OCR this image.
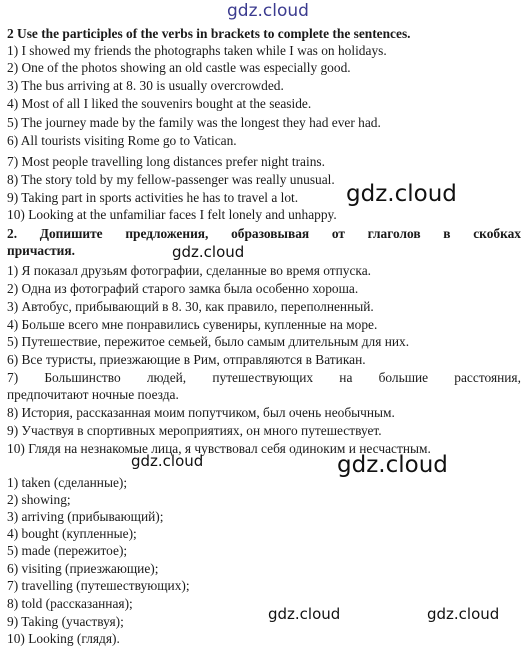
gdz.cloud
2 Use the participles of the verbs in brackets to complete the sentences.
1) I showed my friends the photographs taken while I was on holidays.
2) One of the photos showing an old castle was especially good.
3) The bus arriving at 8. 30 is usually overcrowded.
4) Most of all I liked the souvenirs bought at the seaside.
5) The journey made by the family was the longest they had ever had.
6) All tourists visiting Rome go to Vatican.
7) Most people travelling long distances prefer night trains.
8) The story told by my fellow-passenger was really unusual.
9) Taking part in sports activities he has to travel a lot.
10) Looking at the unfamiliar faces I felt lonely and unhappy.
gdz.cloud
2. Допишите предложения, образовывая от глаголов в скобках
причастия.	gdz.cloud
1) Я показал друзьям фотографии, сделанные во время отпуска.
2) Одна из фотографий старого замка была особенно хороша.
3) Автобус, прибывающий в 8. 30, как правило, переполненный.
4) Больше всего мне понравились сувениры, купленные на море.
5) Путешествие, пережитое семьей, было самым длительным для них.
6) Все туристы, приезжающие в Рим, отправляются в Ватикан.
7) Большинство людей, путешествующих на большие расстояния,
предпочитают ночные поезда.
8) История, рассказанная моим попутчиком, был очень необычным.
9) Участвуя в спортивных мероприятиях, он много путешествует.
10) Глядя на незнакомые лица, я чувствовал себя одиноким и несчастным.
gdz.cloud	gdz.cloud
1) taken (сделанные);
2) showing;
3) arriving (прибывающий);
4) bought (купленные);
5) made (пережитое);
6) visiting (приезжающие);
7) travelling (путешествующих);
8) told (рассказанная);
9) Taking (участвуя);
10) Looking (глядя).
gdz.cloud	gdz.cloud
